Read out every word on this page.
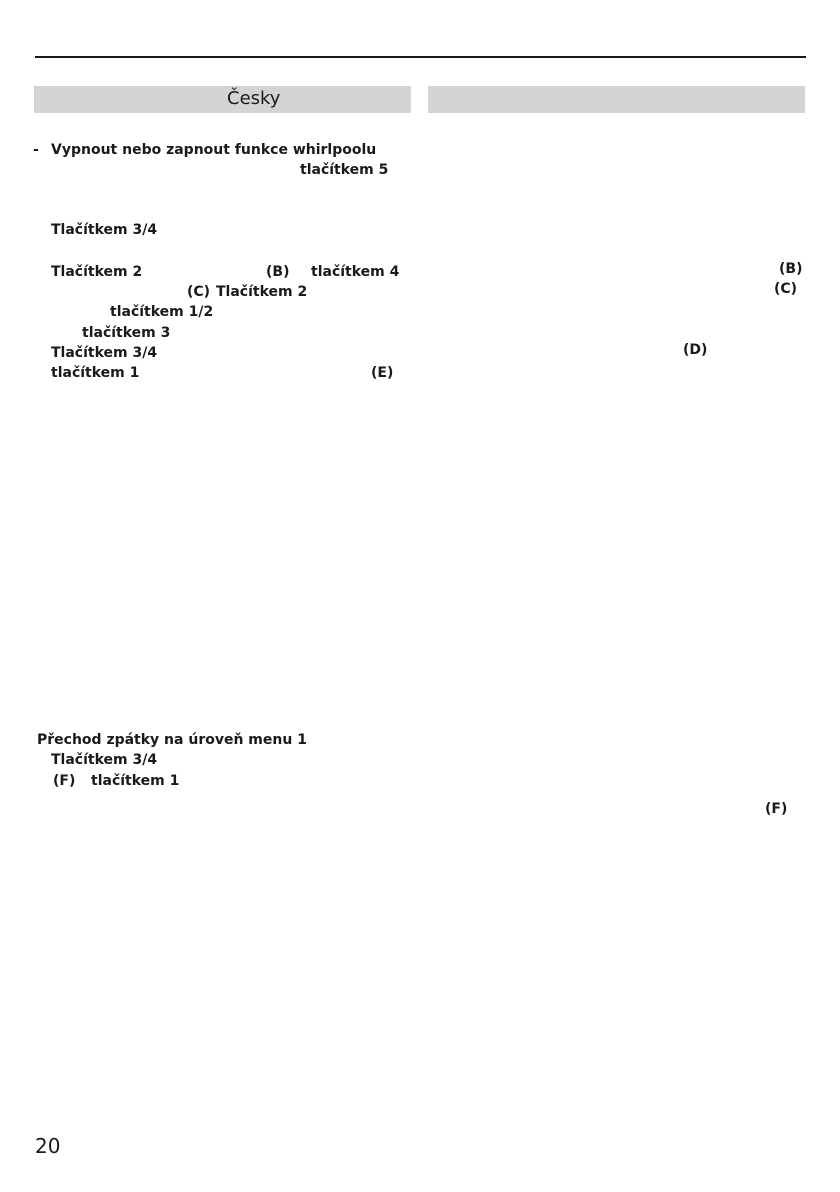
Česky
- Vypnout nebo zapnout funkce whirlpoolu
tlačítkem 5
Tlačítkem 3/4
Tlačítkem 2	(B) tlačítkem 4
(C) Tlačítkem 2
tlačítkem 1/2
tlačítkem 3
Tlačítkem 3/4
tlačítkem 1	(E)
Přechod zpátky na úroveň menu 1
Tlačítkem 3/4
(F) tlačítkem 1
(B)
(C)
(D)
(F)
20
